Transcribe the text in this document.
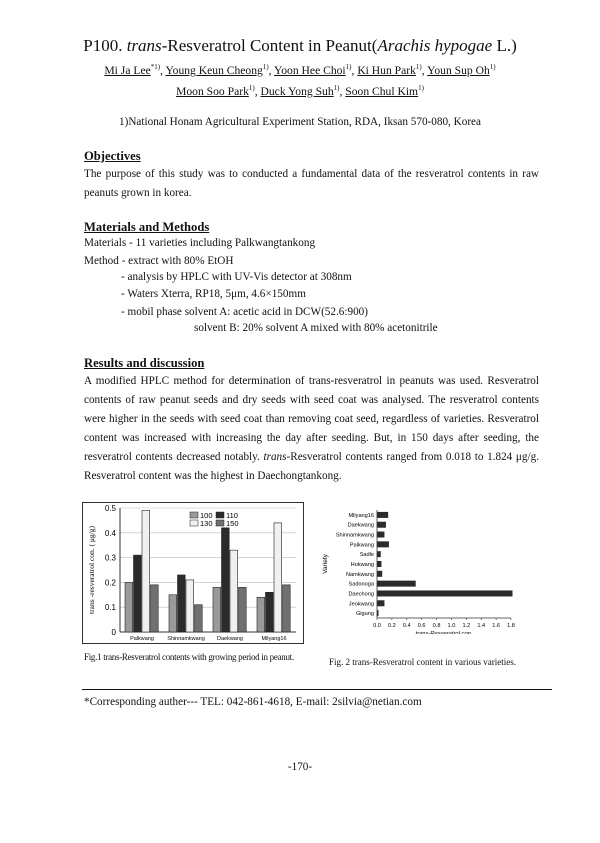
P100. trans-Resveratrol Content in Peanut(Arachis hypogae L.)
Mi Ja Lee$^{*1)}$, Young Keun Cheong$^{1)}$, Yoon Hee Choi$^{1)}$, Ki Hun Park$^{1)}$, Youn Sup Oh$^{1)}$
Moon Soo Park$^{1)}$, Duck Yong Suh$^{1)}$, Soon Chul Kim$^{1)}$
1)National Honam Agricultural Experiment Station, RDA, Iksan 570-080, Korea
Objectives
The purpose of this study was to conducted a fundamental data of the resveratrol contents in raw peanuts grown in korea.
Materials and Methods
Materials - 11 varieties including Palkwangtankong
Method - extract with 80% EtOH
- analysis by HPLC with UV-Vis detector at 308nm
- Waters Xterra, RP18, 5μm, 4.6×150mm
- mobil phase solvent A: acetic acid in DCW(52.6:900)
solvent B: 20% solvent A mixed with 80% acetonitrile
Results and discussion
A modified HPLC method for determination of trans-resveratrol in peanuts was used. Resveratrol contents of raw peanut seeds and dry seeds with seed coat was analysed. The resveratrol contents were higher in the seeds with seed coat than removing coat seed, regardless of varieties. Resveratrol content was increased with increasing the day after seeding. But, in 150 days after seeding, the resveratrol contents decreased notably. trans-Resveratrol contents ranged from 0.018 to 1.824 μg/g. Resveratrol content was the highest in Daechongtankong.
0
0.1
0.2
0.3
0.4
0.5
trans -resveratrol con. ( μg/g)
Palkwang Shinnamkwang Daekwang	Milyang16
100 110
130 150
Fig.1 trans-Resveratrol contents with growing period in peanut.
Milyang16
Daekwang
Shinnamkwang
Palkwang
Sadle
Hokwang
Namkwang
Sadonoga
Daechong
Jeokwang
Gigung
0.0 0.2 0.4 0.6 0.8 1.0 1.2 1.4 1.6 1.8
trans-Resveratrol con.
Variety
Fig. 2 trans-Resveratrol content in various varieties.
*Corresponding auther--- TEL: 042-861-4618, E-mail: 2silvia@netian.com
-170-
